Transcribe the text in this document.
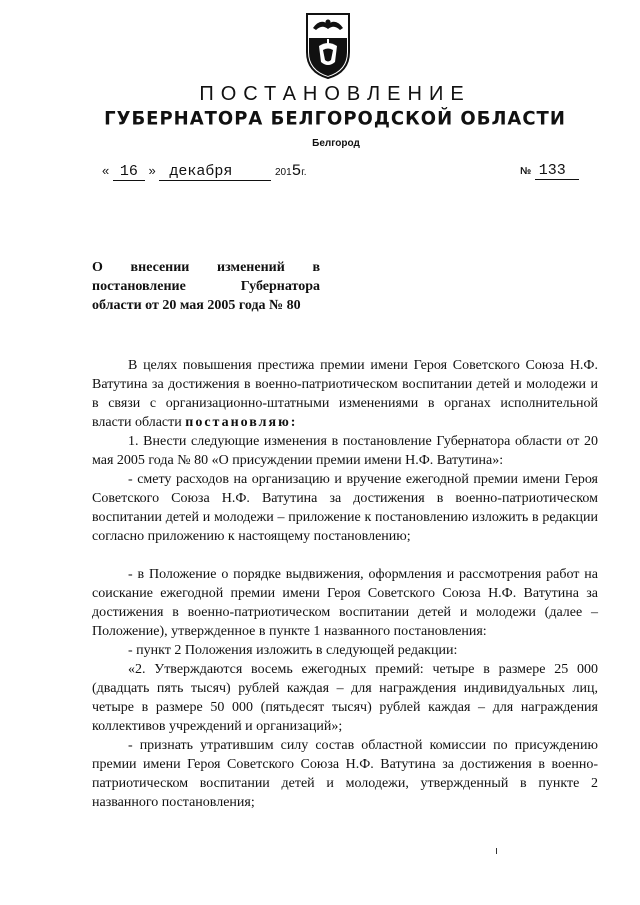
ПОСТАНОВЛЕНИЕ
ГУБЕРНАТОРА БЕЛГОРОДСКОЙ ОБЛАСТИ
Белгород
« 16 » декабря	2015г.	№ 133
О внесении изменений в постановление Губернатора области от 20 мая 2005 года № 80

В целях повышения престижа премии имени Героя Советского Союза Н.Ф. Ватутина за достижения в военно-патриотическом воспитании детей и молодежи и в связи с организационно-штатными изменениями в органах исполнительной власти области постановляю:

1. Внести следующие изменения в постановление Губернатора области от 20 мая 2005 года № 80 «О присуждении премии имени Н.Ф. Ватутина»:

- смету расходов на организацию и вручение ежегодной премии имени Героя Советского Союза Н.Ф. Ватутина за достижения в военно-патриотическом воспитании детей и молодежи – приложение к постановлению изложить в редакции согласно приложению к настоящему постановлению;

- в Положение о порядке выдвижения, оформления и рассмотрения работ на соискание ежегодной премии имени Героя Советского Союза Н.Ф. Ватутина за достижения в военно-патриотическом воспитании детей и молодежи (далее – Положение), утвержденное в пункте 1 названного постановления:

- пункт 2 Положения изложить в следующей редакции:

«2. Утверждаются восемь ежегодных премий: четыре в размере 25 000 (двадцать пять тысяч) рублей каждая – для награждения индивидуальных лиц, четыре в размере 50 000 (пятьдесят тысяч) рублей каждая – для награждения коллективов учреждений и организаций»;

- признать утратившим силу состав областной комиссии по присуждению премии имени Героя Советского Союза Н.Ф. Ватутина за достижения в военно-патриотическом воспитании детей и молодежи, утвержденный в пункте 2 названного постановления;
